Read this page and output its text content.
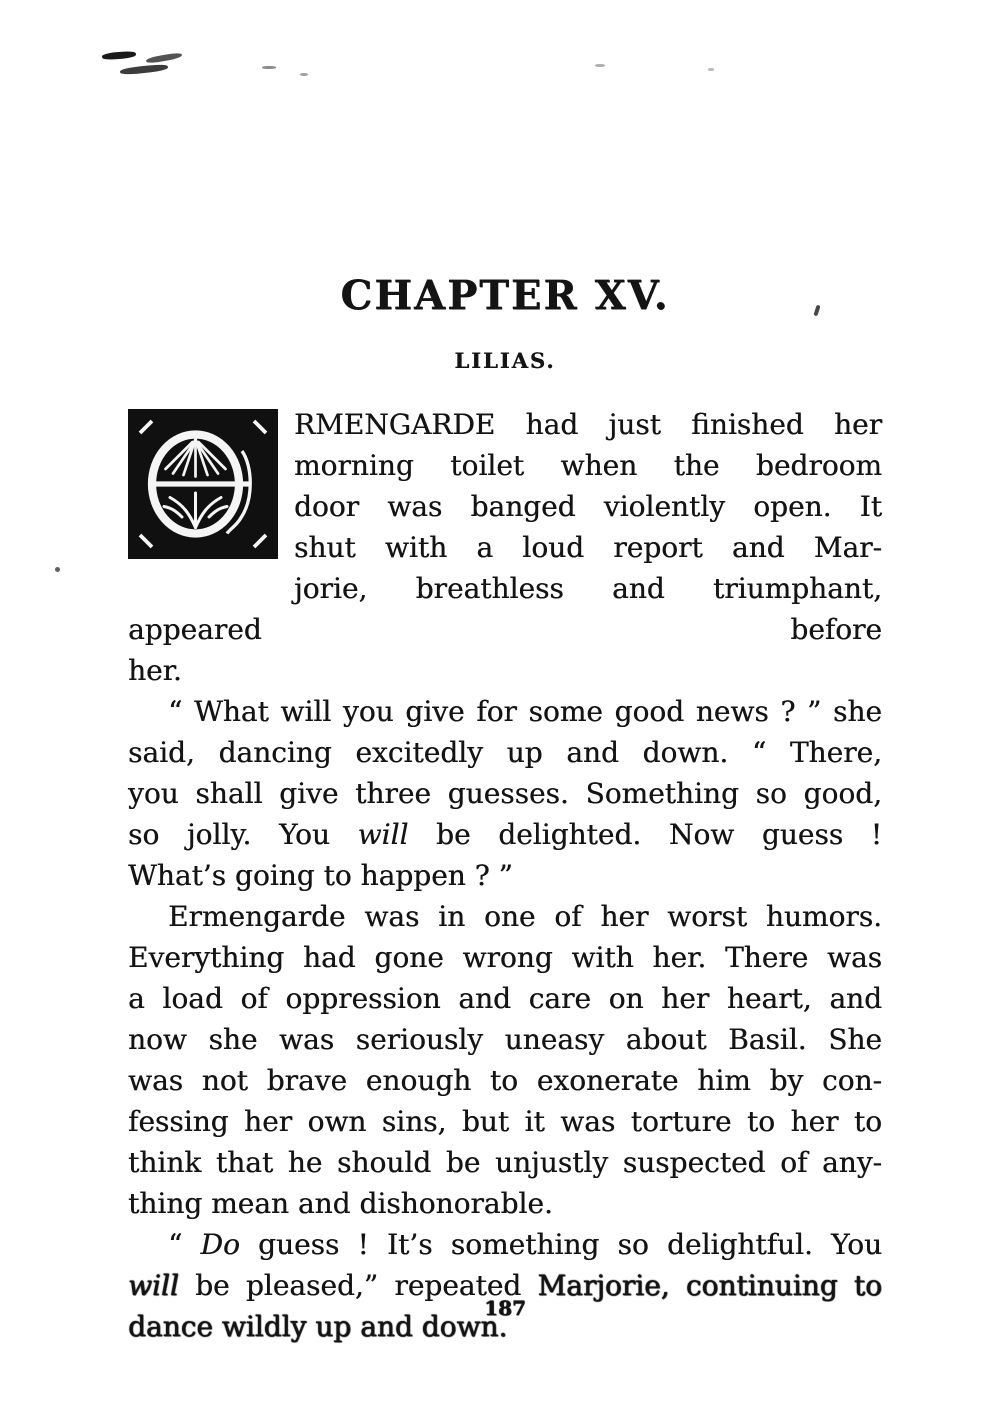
CHAPTER XV.
LILIAS.
RMENGARDE had just finished her
morning toilet when the bedroom
door was banged violently open. It
shut with a loud report and Mar-
jorie, breathless and triumphant, appeared before
her.
“ What will you give for some good news ? ” she
said, dancing excitedly up and down. “ There,
you shall give three guesses. Something so good,
so jolly. You will be delighted. Now guess !
What’s going to happen ? ”
Ermengarde was in one of her worst humors.
Everything had gone wrong with her. There was
a load of oppression and care on her heart, and
now she was seriously uneasy about Basil. She
was not brave enough to exonerate him by con-
fessing her own sins, but it was torture to her to
think that he should be unjustly suspected of any-
thing mean and dishonorable.
“ Do guess ! It’s something so delightful. You
will be pleased,” repeated Marjorie, continuing to
dance wildly up and down.
187
